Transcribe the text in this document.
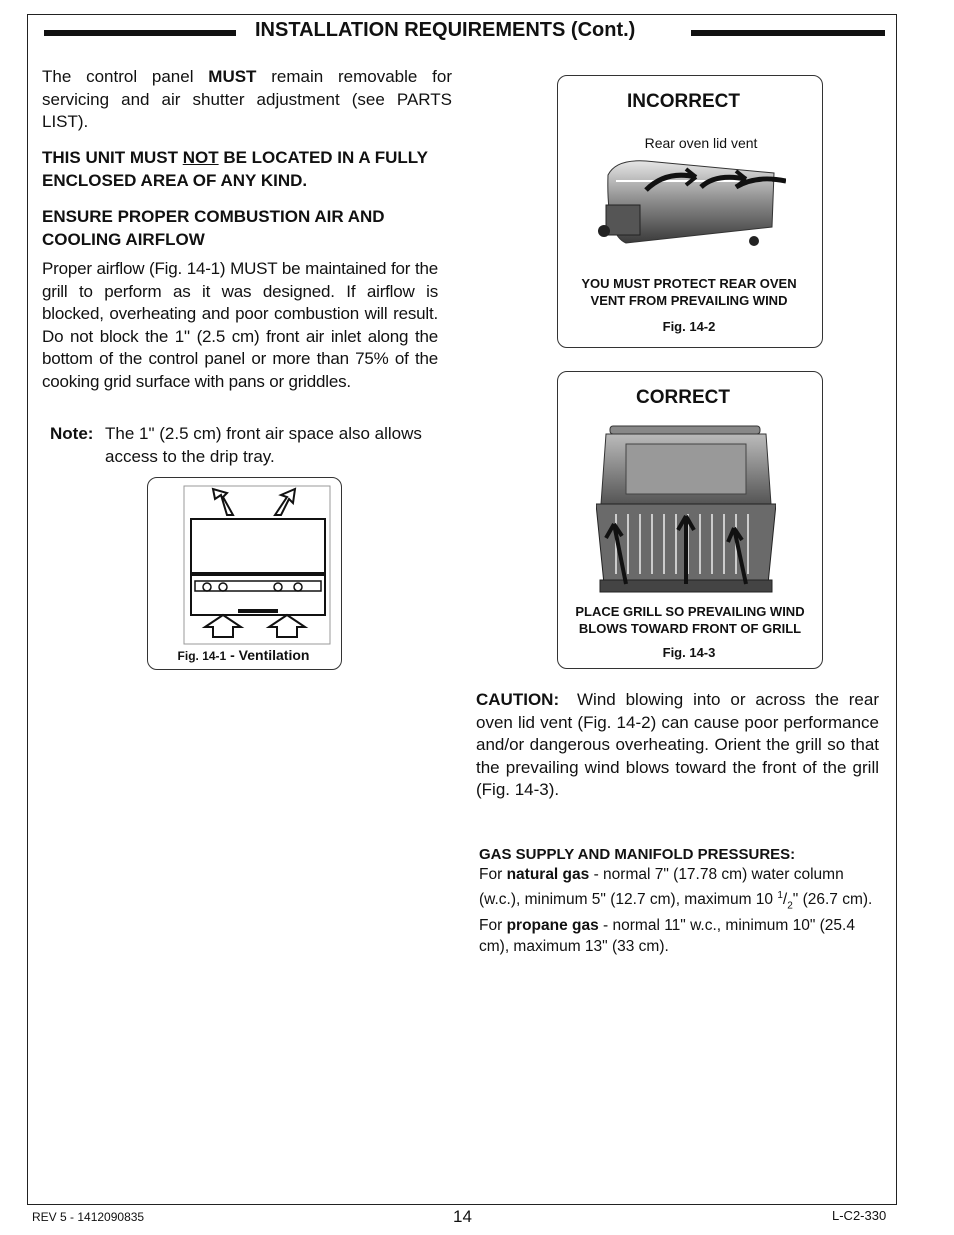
INSTALLATION REQUIREMENTS (Cont.)
The control panel MUST remain removable for servicing and air shutter adjustment (see PARTS LIST).
THIS UNIT MUST NOT BE LOCATED IN A FULLY ENCLOSED AREA OF ANY KIND.
ENSURE PROPER COMBUSTION AIR AND COOLING AIRFLOW
Proper airflow (Fig. 14-1) MUST be maintained for the grill to perform as it was designed. If airflow is blocked, overheating and poor combustion will result. Do not block the 1" (2.5 cm) front air inlet along the bottom of the control panel or more than 75% of the cooking grid surface with pans or griddles.
Note: The 1" (2.5 cm) front air space also allows access to the drip tray.
Fig. 14-1 - Ventilation
INCORRECT
Rear oven lid vent
YOU MUST PROTECT REAR OVEN VENT FROM PREVAILING WIND
Fig. 14-2
CORRECT
PLACE GRILL SO PREVAILING WIND BLOWS TOWARD FRONT OF GRILL
Fig. 14-3
CAUTION:	Wind blowing into or across the rear oven lid vent (Fig. 14-2) can cause poor performance and/or dangerous overheating. Orient the grill so that the prevailing wind blows toward the front of the grill (Fig. 14-3).
GAS SUPPLY AND MANIFOLD PRESSURES:
For natural gas - normal 7" (17.78 cm) water column (w.c.), minimum 5" (12.7 cm), maximum 10 $^1/_2$" (26.7 cm). For propane gas - normal 11" w.c., minimum 10" (25.4 cm), maximum 13" (33 cm).
REV 5 - 1412090835	14	L-C2-330
